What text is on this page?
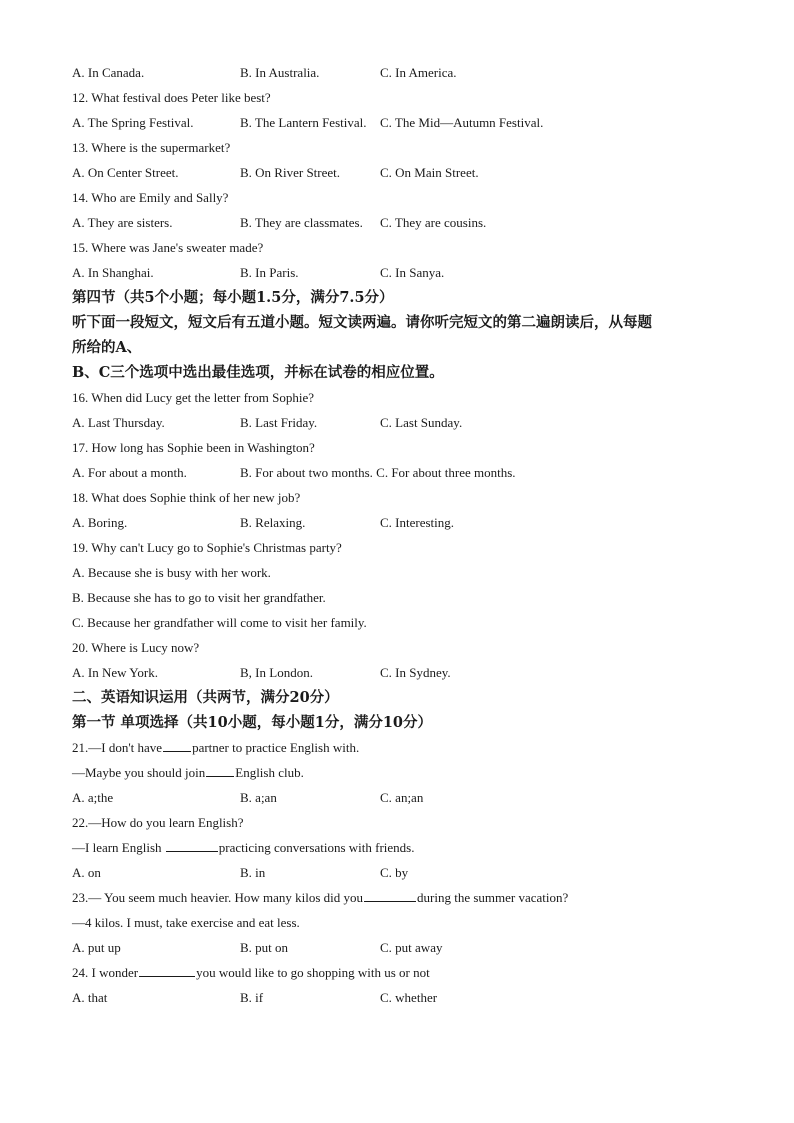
A. In Canada.	B. In Australia.	C. In America.
12. What festival does Peter like best?
A. The Spring Festival.	B. The Lantern Festival. C. The Mid—Autumn Festival.
13. Where is the supermarket?
A. On Center Street.	B. On River Street.	C. On Main Street.
14. Who are Emily and Sally?
A. They are sisters.	B. They are classmates. C. They are cousins.
15. Where was Jane's sweater made?
A. In Shanghai.	B. In Paris.	C. In Sanya.
第四节（共5个小题；每小题1.5分，满分7.5分）
听下面一段短文，短文后有五道小题。短文读两遍。请你听完短文的第二遍朗读后，从每题
所给的A、
B、C三个选项中选出最佳选项，并标在试卷的相应位置。
16. When did Lucy get the letter from Sophie?
A. Last Thursday.	B. Last Friday.	C. Last Sunday.
17. How long has Sophie been in Washington?
A. For about a month.	B. For about two months. C. For about three months.
18. What does Sophie think of her new job?
A. Boring.	B. Relaxing.	C. Interesting.
19. Why can't Lucy go to Sophie's Christmas party?
A. Because she is busy with her work.
B. Because she has to go to visit her grandfather.
C. Because her grandfather will come to visit her family.
20. Where is Lucy now?
A. In New York.	B, In London.	C. In Sydney.
二、英语知识运用（共两节，满分20分）
第一节 单项选择（共10小题，每小题1分，满分10分）
21.—I don't have partner to practice English with.
—Maybe you should join English club.
A. a;the	B. a;an	C. an;an
22.—How do you learn English?
—I learn English	practicing conversations with friends.
A. on	B. in	C. by
23.— You seem much heavier. How many kilos did you	during the summer vacation?
—4 kilos. I must, take exercise and eat less.
A. put up	B. put on	C. put away
24. I wonder	you would like to go shopping with us or not
A. that	B. if	C. whether
